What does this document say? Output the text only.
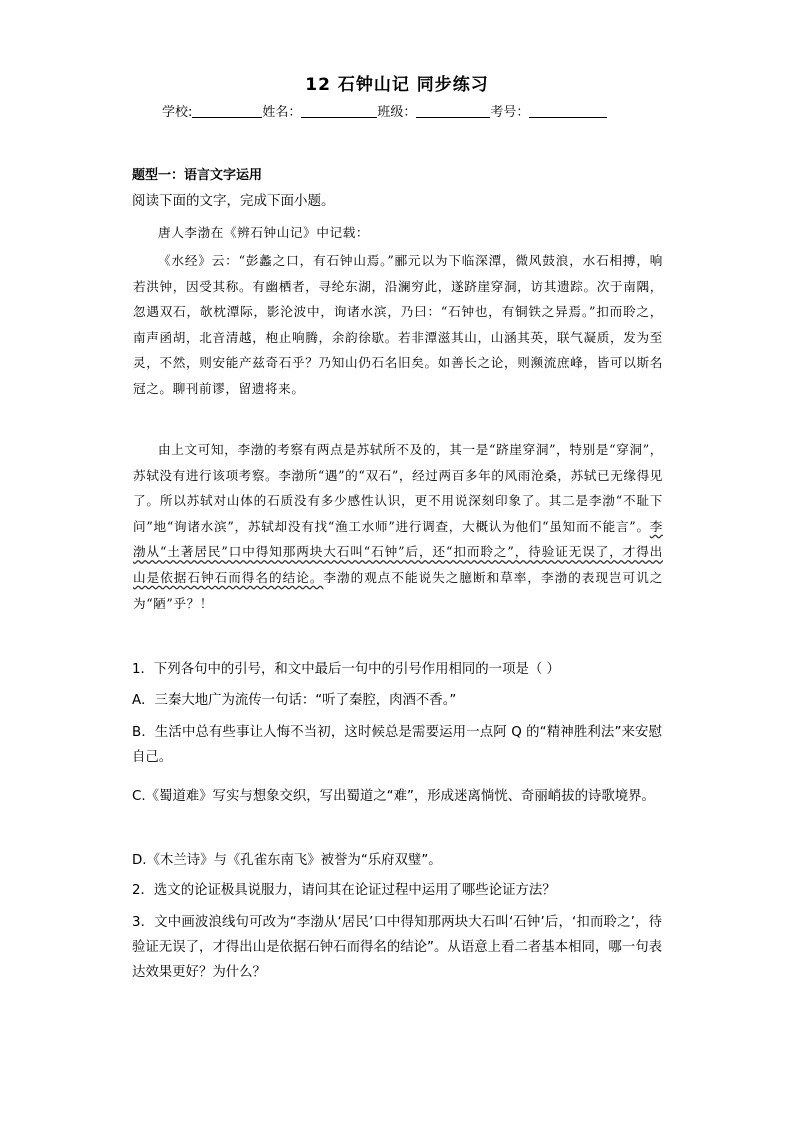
12 石钟山记 同步练习
学校:	姓名：	班级：	考号：
题型一：语言文字运用
阅读下面的文字，完成下面小题。
唐人李渤在《辨石钟山记》中记载：
《水经》云：“彭蠡之口，有石钟山焉。”郦元以为下临深潭，微风鼓浪，水石相搏，响若洪钟，因受其称。有幽栖者，寻纶东湖，沿澜穷此，遂跻崖穿洞，访其遗踪。次于南隅，忽遇双石，欹枕潭际，影沦波中，询诸水滨，乃曰：“石钟也，有铜铁之异焉。”扣而聆之，南声函胡，北音清越，枹止响腾，余韵徐歇。若非潭滋其山，山涵其英，联气凝质，发为至灵，不然，则安能产兹奇石乎？乃知山仍石名旧矣。如善长之论，则濒流庶峰，皆可以斯名冠之。聊刊前谬，留遗将来。
由上文可知，李渤的考察有两点是苏轼所不及的，其一是“跻崖穿洞”，特别是“穿洞”，苏轼没有进行该项考察。李渤所“遇”的“双石”，经过两百多年的风雨沧桑，苏轼已无缘得见了。所以苏轼对山体的石质没有多少感性认识，更不用说深刻印象了。其二是李渤“不耻下问”地“询诸水滨”，苏轼却没有找“渔工水师”进行调查，大概认为他们“虽知而不能言”。李渤从“土著居民”口中得知那两块大石叫“石钟”后，还“扣而聆之”，待验证无误了，才得出山是依据石钟石而得名的结论。李渤的观点不能说失之臆断和草率，李渤的表现岂可讥之为“陋”乎？！
1．下列各句中的引号，和文中最后一句中的引号作用相同的一项是（ ）
A．三秦大地广为流传一句话：“听了秦腔，肉酒不香。”
B．生活中总有些事让人悔不当初，这时候总是需要运用一点阿 Q 的“精神胜利法”来安慰自己。
C.《蜀道难》写实与想象交织，写出蜀道之“难”，形成迷离惝恍、奇丽峭拔的诗歌境界。
D.《木兰诗》与《孔雀东南飞》被誉为“乐府双璧”。
2．选文的论证极具说服力，请问其在论证过程中运用了哪些论证方法？
3．文中画波浪线句可改为“李渤从‘居民’口中得知那两块大石叫‘石钟’后，‘扣而聆之’，待验证无误了，才得出山是依据石钟石而得名的结论”。从语意上看二者基本相同，哪一句表达效果更好？为什么？
